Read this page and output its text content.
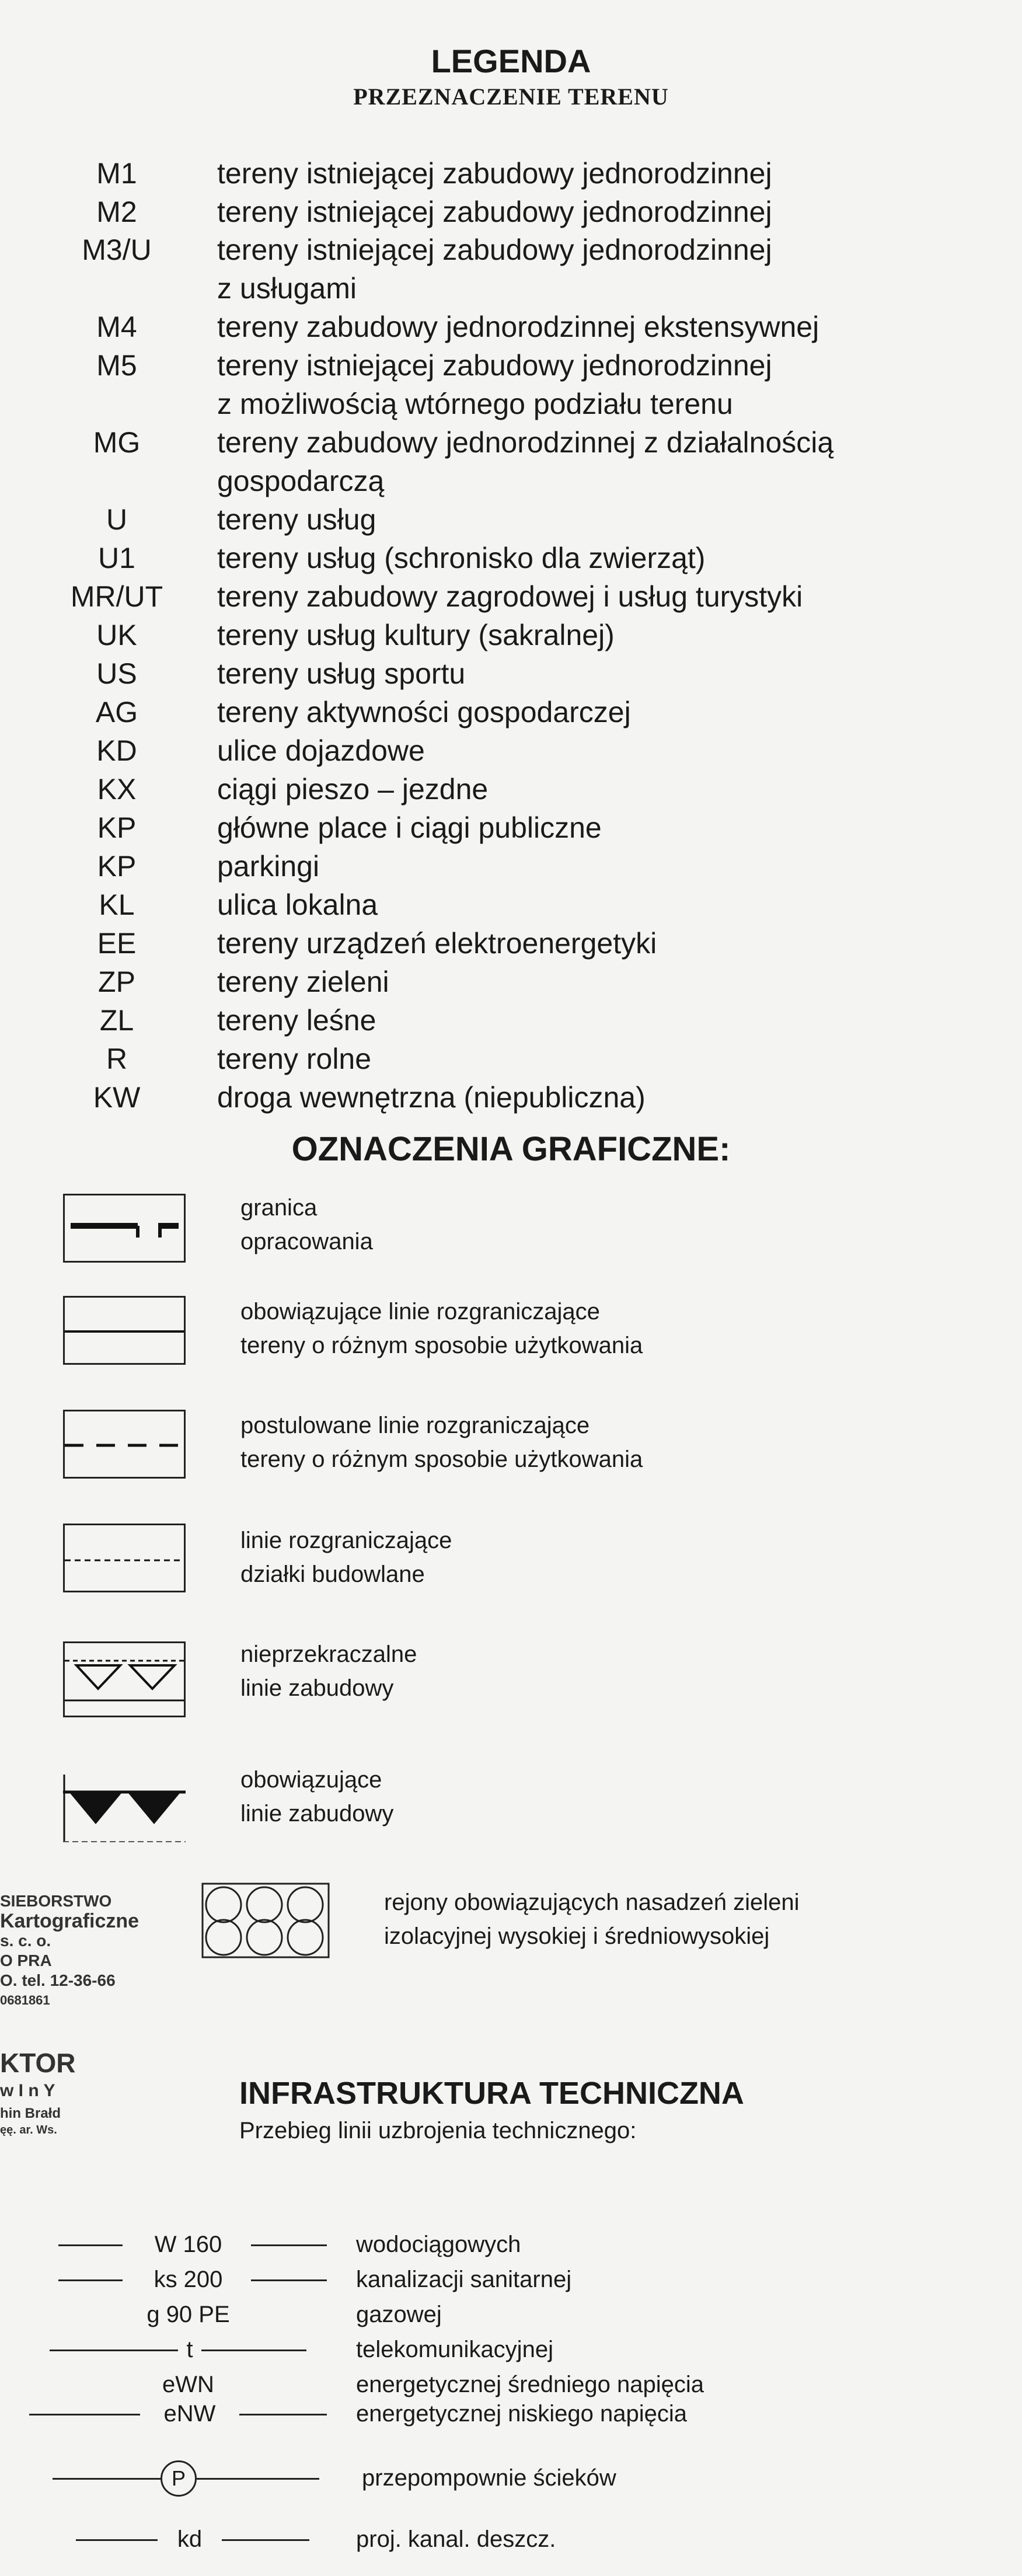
LEGENDA
PRZEZNACZENIE TERENU
M1	tereny istniejącej zabudowy jednorodzinnej
M2	tereny istniejącej zabudowy jednorodzinnej
M3/U	tereny istniejącej zabudowy jednorodzinnej
z usługami
M4	tereny zabudowy jednorodzinnej ekstensywnej
M5	tereny istniejącej zabudowy jednorodzinnej
z możliwością wtórnego podziału terenu
MG	tereny zabudowy jednorodzinnej z działalnością
gospodarczą
U	tereny usług
U1	tereny usług (schronisko dla zwierząt)
MR/UT	tereny zabudowy zagrodowej i usług turystyki
UK	tereny usług kultury (sakralnej)
US	tereny usług sportu
AG	tereny aktywności gospodarczej
KD	ulice dojazdowe
KX	ciągi pieszo – jezdne
KP	główne place i ciągi publiczne
KP	parkingi
KL	ulica lokalna
EE	tereny urządzeń elektroenergetyki
ZP	tereny zieleni
ZL	tereny leśne
R	tereny rolne
KW	droga wewnętrzna (niepubliczna)
OZNACZENIA GRAFICZNE:
granica
opracowania
obowiązujące linie rozgraniczające
tereny o różnym sposobie użytkowania
postulowane linie rozgraniczające
tereny o różnym sposobie użytkowania
linie rozgraniczające
działki budowlane
nieprzekraczalne
linie zabudowy
obowiązujące
linie zabudowy
SIEBORSTWO
Kartograficzne
s. c. o.
O PRA
O. tel. 12-36-66
0681861
KTOR
w I n Y
hin Brałd
ęę. ar. Ws.
rejony obowiązujących nasadzeń zieleni
izolacyjnej wysokiej i średniowysokiej
INFRASTRUKTURA TECHNICZNA
Przebieg linii uzbrojenia technicznego:
W 160	wodociągowych
ks 200	kanalizacji sanitarnej
g 90 PE	gazowej
t	telekomunikacyjnej
eWN	energetycznej średniego napięcia
eNW	energetycznej niskiego napięcia
P	przepompownie ścieków
kd	proj. kanal. deszcz.
